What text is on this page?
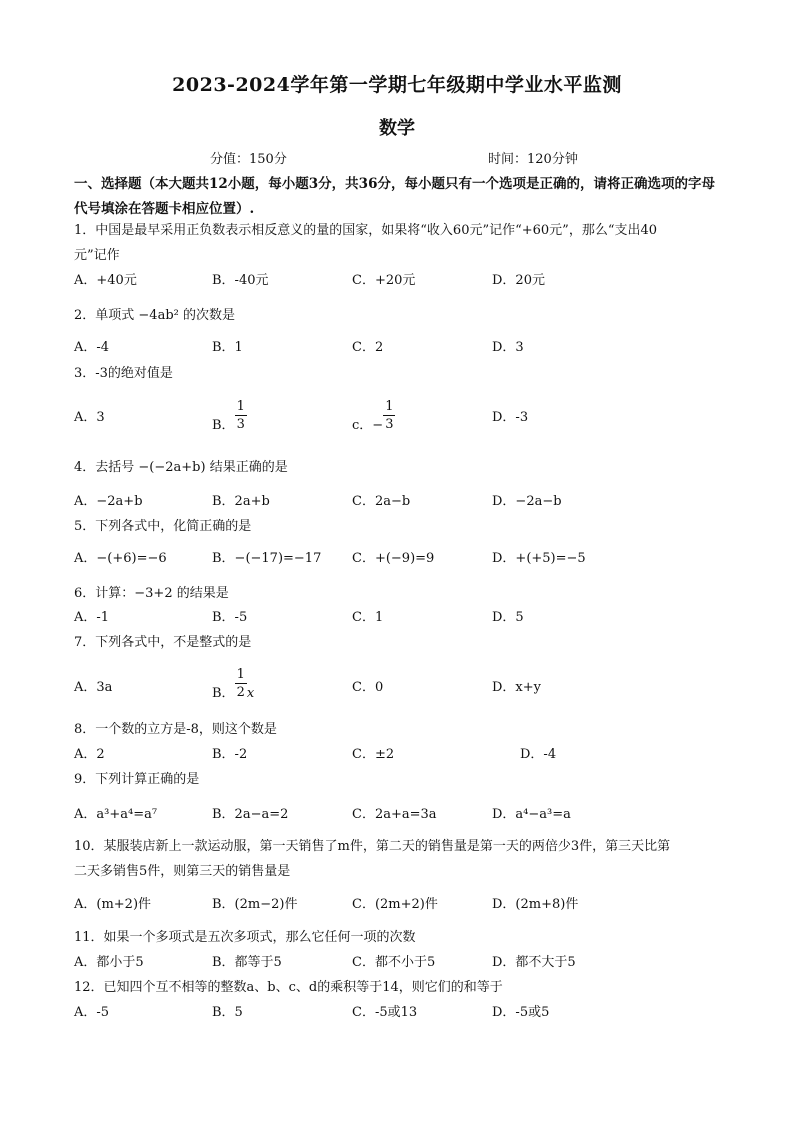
2023-2024学年第一学期七年级期中学业水平监测
数学
分值：150分	时间：120分钟
一、选择题（本大题共12小题，每小题3分，共36分，每小题只有一个选项是正确的，请将正确选项的字母代号填涂在答题卡相应位置）.
1．中国是最早采用正负数表示相反意义的量的国家，如果将“收入60元”记作“+60元”，那么“支出40
元”记作
A．+40元	B．-40元	C．+20元	D．20元
2．单项式 −4ab² 的次数是
A．-4	B．1	C．2	D．3
3．-3的绝对值是
A．3
B． $\frac{1}{3}$	c．− $\frac{1}{3}$	D．-3
4．去括号 −(−2a+b) 结果正确的是
A．−2a+b	B．2a+b	C．2a−b	D．−2a−b
5．下列各式中，化简正确的是
A．−(+6)=−6	B．−(−17)=−17 C．+(−9)=9	D．+(+5)=−5
6．计算：−3+2 的结果是
A．-1	B．-5	C．1	D．5
7．下列各式中，不是整式的是
A．3a	B． $\frac{1}{2}$ x	C．0	D．x+y
8．一个数的立方是-8，则这个数是
A．2	B．-2	C．±2	D．-4
9．下列计算正确的是
A．a³+a⁴=a⁷	B．2a−a=2	C．2a+a=3a	D．a⁴−a³=a
10．某服装店新上一款运动服，第一天销售了m件，第二天的销售量是第一天的两倍少3件，第三天比第
二天多销售5件，则第三天的销售量是
A．(m+2)件	B．(2m−2)件	C．(2m+2)件	D．(2m+8)件
11．如果一个多项式是五次多项式，那么它任何一项的次数
A．都小于5	B．都等于5	C．都不小于5	D．都不大于5
12．已知四个互不相等的整数a、b、c、d的乘积等于14，则它们的和等于
A．-5	B．5	C．-5或13	D．-5或5
